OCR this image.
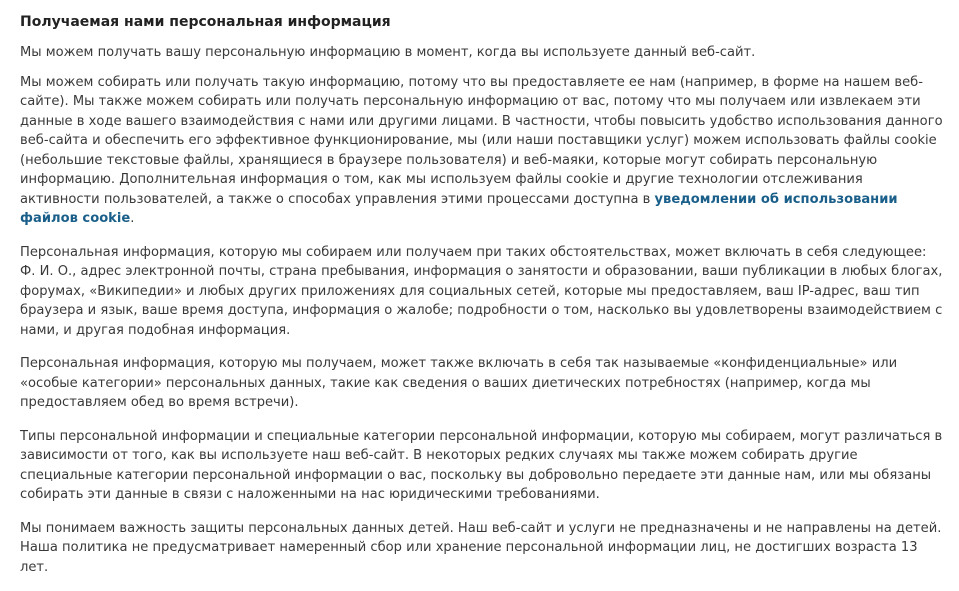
Получаемая нами персональная информация

Мы можем получать вашу персональную информацию в момент, когда вы используете данный веб-сайт.

Мы можем собирать или получать такую информацию, потому что вы предоставляете ее нам (например, в форме на нашем веб-сайте). Мы также можем собирать или получать персональную информацию от вас, потому что мы получаем или извлекаем эти данные в ходе вашего взаимодействия с нами или другими лицами. В частности, чтобы повысить удобство использования данного веб-сайта и обеспечить его эффективное функционирование, мы (или наши поставщики услуг) можем использовать файлы cookie (небольшие текстовые файлы, хранящиеся в браузере пользователя) и веб-маяки, которые могут собирать персональную информацию. Дополнительная информация о том, как мы используем файлы cookie и другие технологии отслеживания активности пользователей, а также о способах управления этими процессами доступна в уведомлении об использовании файлов cookie.

Персональная информация, которую мы собираем или получаем при таких обстоятельствах, может включать в себя следующее: Ф. И. О., адрес электронной почты, страна пребывания, информация о занятости и образовании, ваши публикации в любых блогах, форумах, «Википедии» и любых других приложениях для социальных сетей, которые мы предоставляем, ваш IP-адрес, ваш тип браузера и язык, ваше время доступа, информация о жалобе; подробности о том, насколько вы удовлетворены взаимодействием с нами, и другая подобная информация.

Персональная информация, которую мы получаем, может также включать в себя так называемые «конфиденциальные» или «особые категории» персональных данных, такие как сведения о ваших диетических потребностях (например, когда мы предоставляем обед во время встречи).

Типы персональной информации и специальные категории персональной информации, которую мы собираем, могут различаться в зависимости от того, как вы используете наш веб-сайт. В некоторых редких случаях мы также можем собирать другие специальные категории персональной информации о вас, поскольку вы добровольно передаете эти данные нам, или мы обязаны собирать эти данные в связи с наложенными на нас юридическими требованиями.

Мы понимаем важность защиты персональных данных детей. Наш веб-сайт и услуги не предназначены и не направлены на детей. Наша политика не предусматривает намеренный сбор или хранение персональной информации лиц, не достигших возраста 13 лет.
